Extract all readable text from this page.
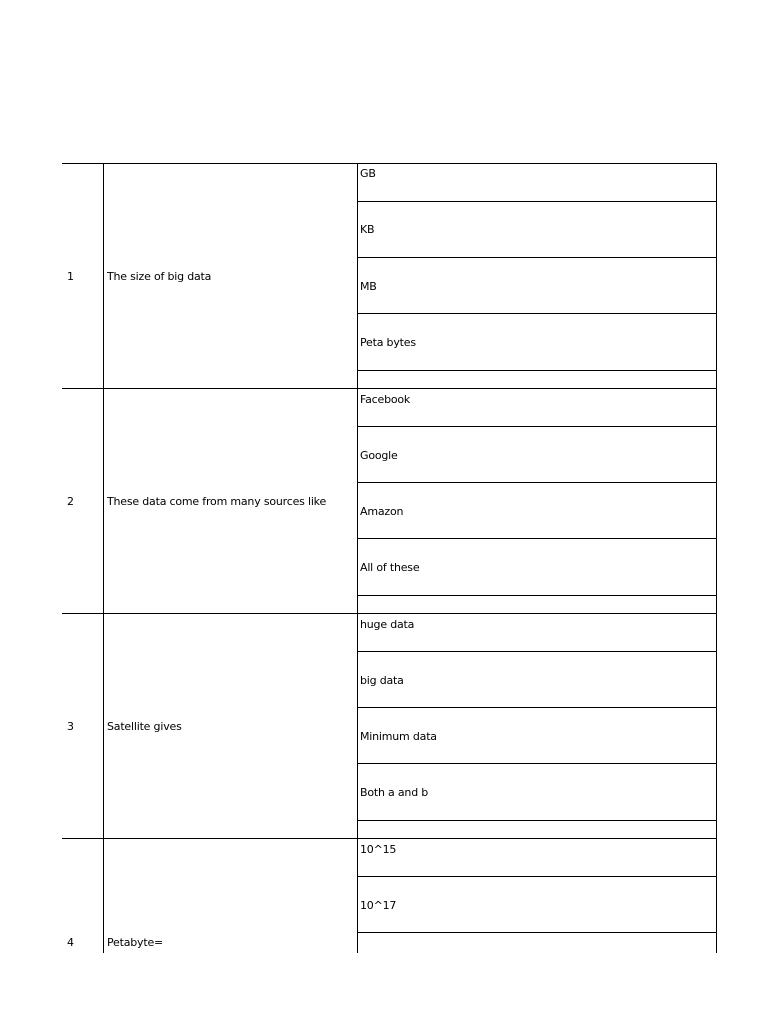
1	The size of big data
GB
KB
MB
Peta bytes
2	These data come from many sources like
Facebook
Google
Amazon
All of these
3	Satellite gives
huge data
big data
Minimum data
Both a and b
4	Petabyte=
10^15
10^17
